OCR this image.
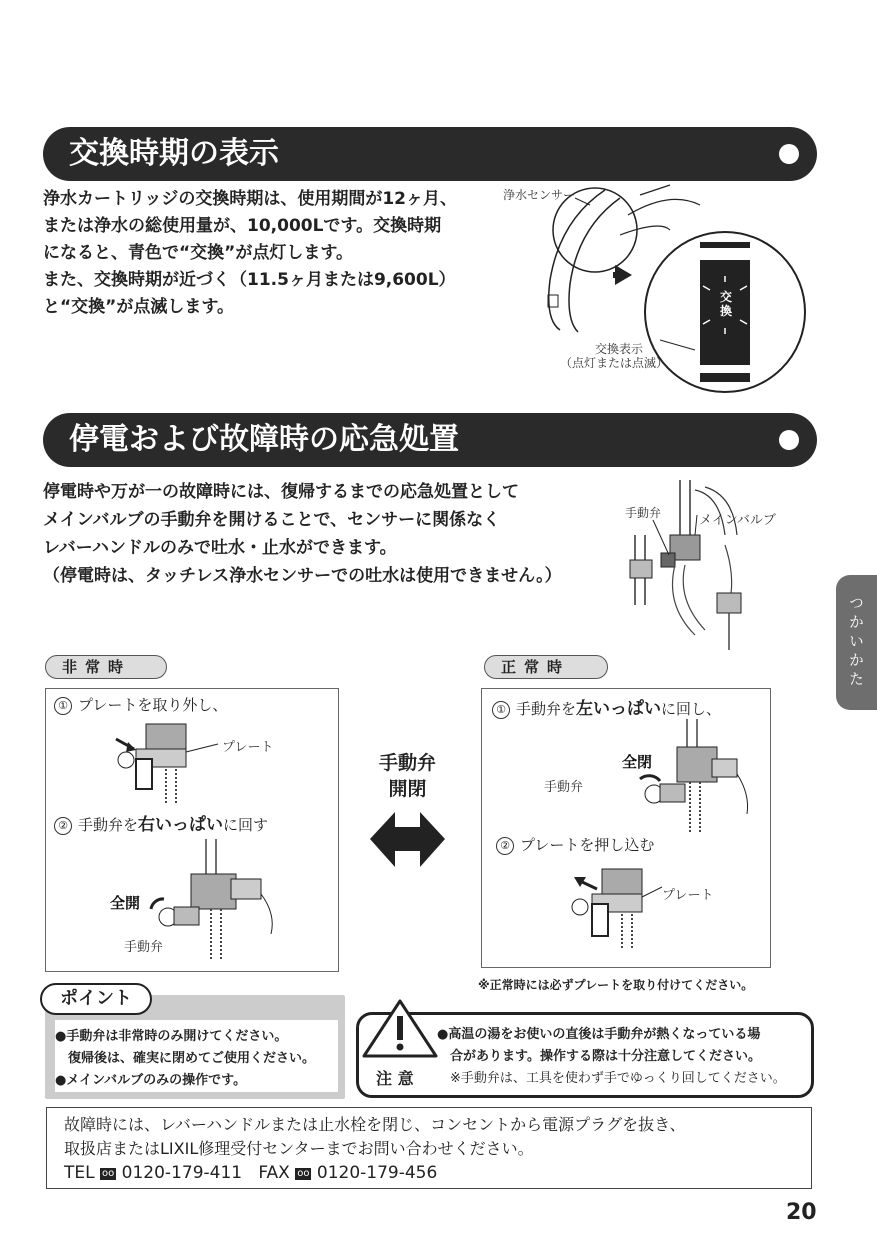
交換時期の表示
浄水カートリッジの交換時期は、使用期間が12ヶ月、
または浄水の総使用量が、10,000Lです。交換時期
になると、青色で“交換”が点灯します。
また、交換時期が近づく（11.5ヶ月または9,600L）
と“交換”が点滅します。
浄水センサー
交
換
交換表示
（点灯または点滅）
停電および故障時の応急処置
停電時や万が一の故障時には、復帰するまでの応急処置として
メインバルブの手動弁を開けることで、センサーに関係なく
レバーハンドルのみで吐水・止水ができます。
（停電時は、タッチレス浄水センサーでの吐水は使用できません。）
手動弁	メインバルブ
つかいかた
非常時	正常時
① プレートを取り外し、
プレート
② 手動弁を右いっぱいに回す
全開
手動弁
手動弁
開閉
① 手動弁を左いっぱいに回し、
全閉
手動弁
② プレートを押し込む
プレート
※正常時には必ずプレートを取り付けてください。
ポイント
●手動弁は非常時のみ開けてください。
　復帰後は、確実に閉めてご使用ください。
●メインバルブのみの操作です。	注 意
●高温の湯をお使いの直後は手動弁が熱くなっている場
　合があります。操作する際は十分注意してください。
　※手動弁は、工具を使わず手でゆっくり回してください。
故障時には、レバーハンドルまたは止水栓を閉じ、コンセントから電源プラグを抜き、
取扱店またはLIXIL修理受付センターまでお問い合わせください。
TEL oo 0120-179-411 FAX oo 0120-179-456
20
